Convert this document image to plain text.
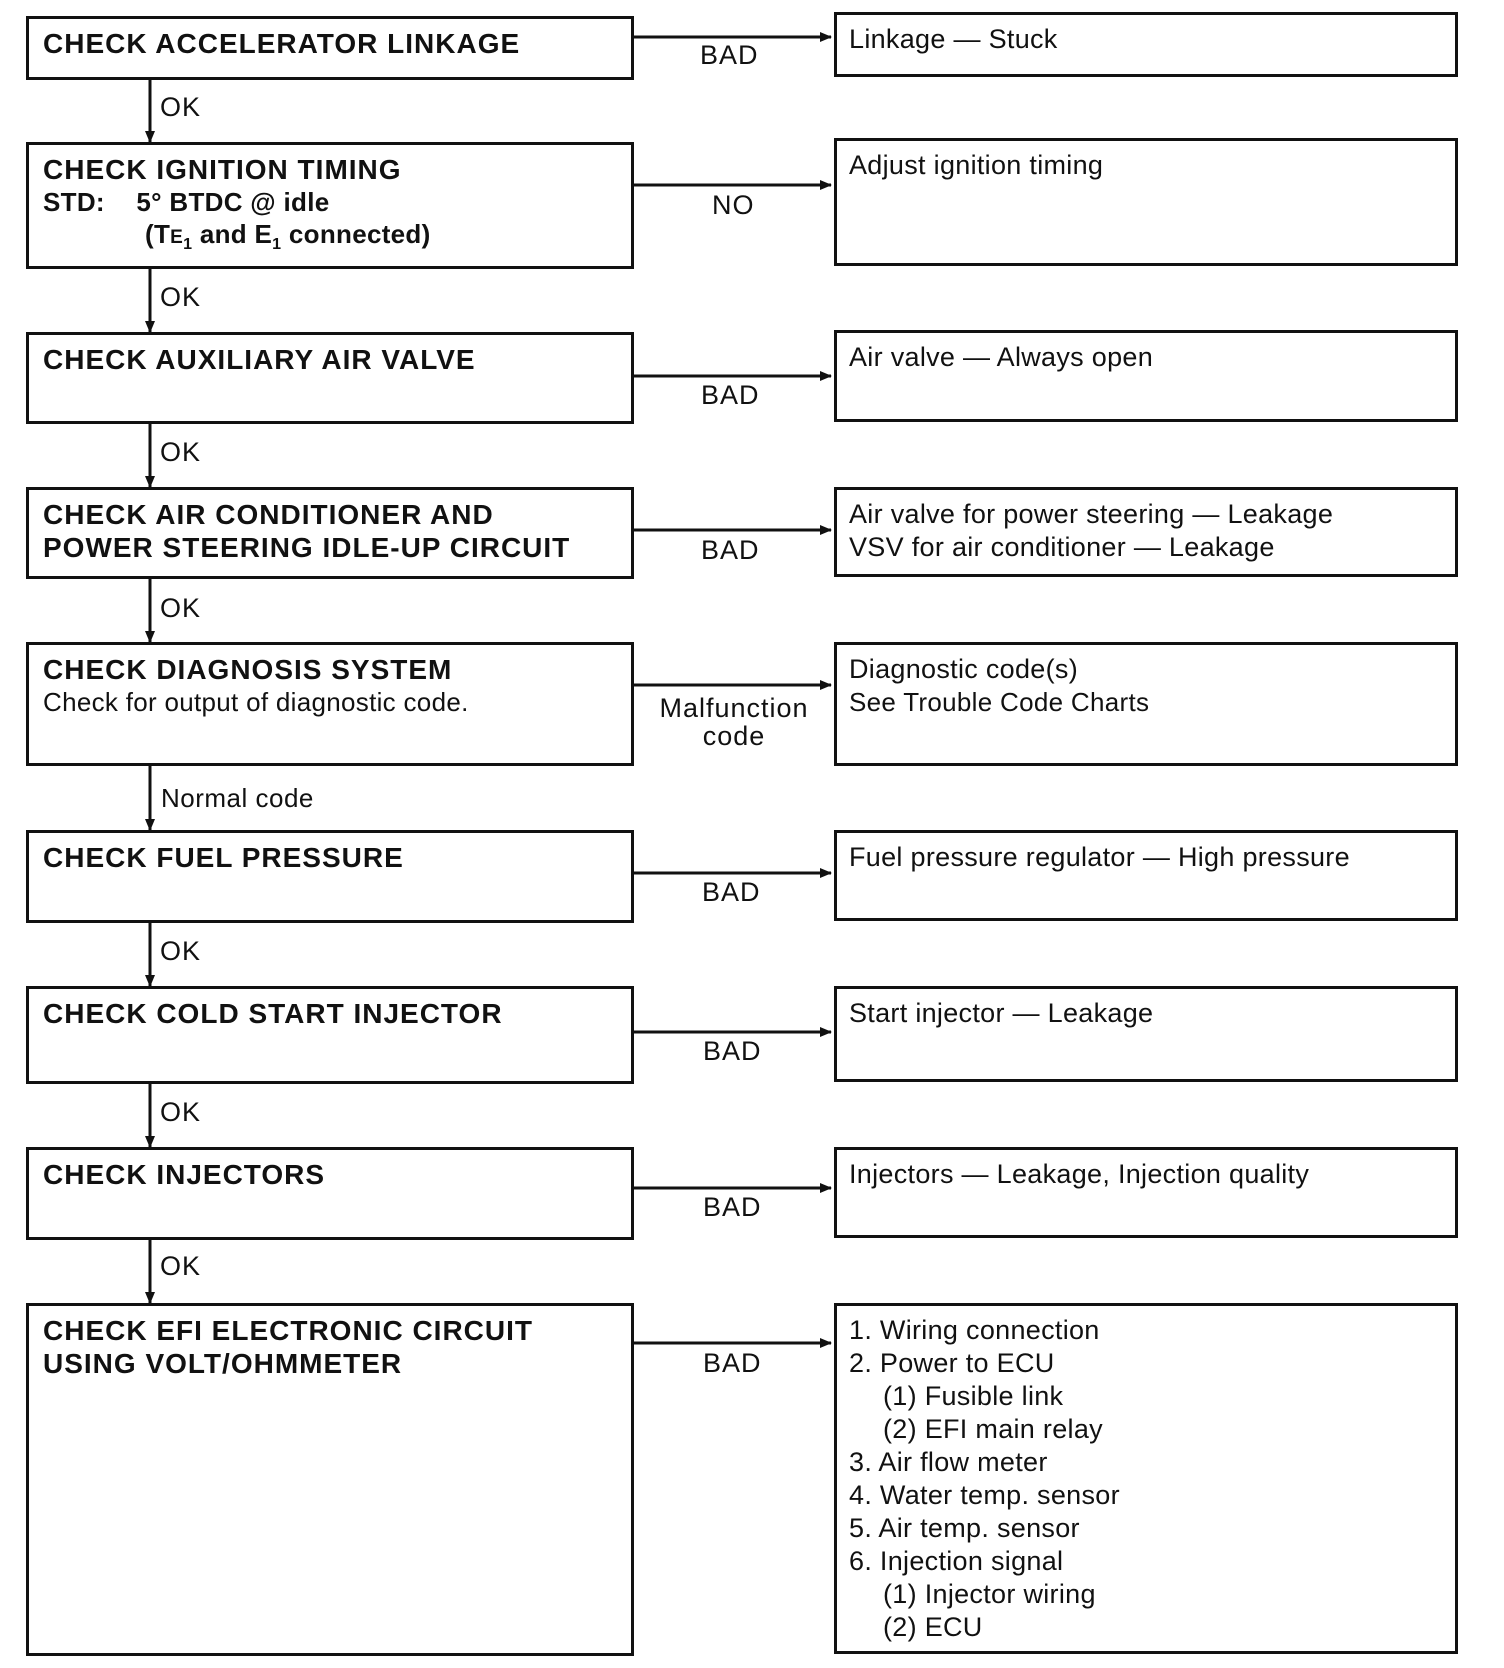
CHECK ACCELERATOR LINKAGE	BAD
Linkage — Stuck
OK
CHECK IGNITION TIMING
STD: 5° BTDC @ idle
($TE_1$ and $E_1$ connected)
NO
Adjust ignition timing
OK
CHECK AUXILIARY AIR VALVE
BAD
Air valve — Always open
OK
CHECK AIR CONDITIONER AND
POWER STEERING IDLE-UP CIRCUIT	BAD
Air valve for power steering — Leakage
VSV for air conditioner — Leakage
OK
CHECK DIAGNOSIS SYSTEM
Check for output of diagnostic code.	Malfunction
code
Diagnostic code(s)
See Trouble Code Charts
Normal code
CHECK FUEL PRESSURE
BAD
Fuel pressure regulator — High pressure
OK
CHECK COLD START INJECTOR
BAD
Start injector — Leakage
OK
CHECK INJECTORS
BAD
Injectors — Leakage, Injection quality
OK
CHECK EFI ELECTRONIC CIRCUIT
USING VOLT/OHMMETER	BAD
1. Wiring connection
2. Power to ECU
(1) Fusible link
(2) EFI main relay
3. Air flow meter
4. Water temp. sensor
5. Air temp. sensor
6. Injection signal
(1) Injector wiring
(2) ECU
